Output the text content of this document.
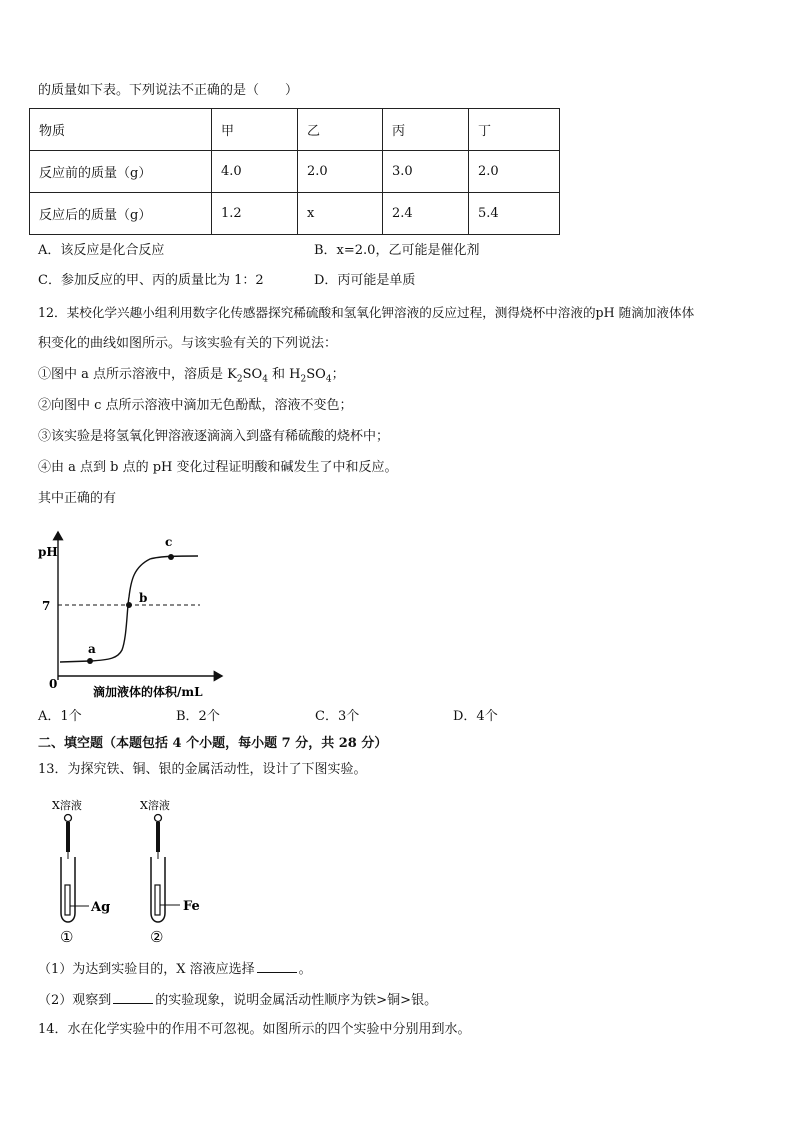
的质量如下表。下列说法不正确的是（　　）
物质	甲	乙	丙	丁
反应前的质量（g）	4.0	2.0	3.0	2.0
反应后的质量（g）	1.2	x	2.4	5.4
A．该反应是化合反应	B．x=2.0，乙可能是催化剂
C．参加反应的甲、丙的质量比为 1：2	D．丙可能是单质
12．某校化学兴趣小组利用数字化传感器探究稀硫酸和氢氧化钾溶液的反应过程，测得烧杯中溶液的pH 随滴加液体体
积变化的曲线如图所示。与该实验有关的下列说法：
①图中 a 点所示溶液中，溶质是 $K_2SO_4$ 和 $H_2SO_4$；
②向图中 c 点所示溶液中滴加无色酚酞，溶液不变色；
③该实验是将氢氧化钾溶液逐滴滴入到盛有稀硫酸的烧杯中；
④由 a 点到 b 点的 pH 变化过程证明酸和碱发生了中和反应。
其中正确的有
a
b
c
pH
7
0
滴加液体的体积/mL
A．1个	B．2个	C．3个	D．4个
二、填空题（本题包括 4 个小题，每小题 7 分，共 28 分）
13．为探究铁、铜、银的金属活动性，设计了下图实验。
X溶液
Ag
①
X溶液
Fe
②
（1）为达到实验目的，X 溶液应选择	。
（2）观察到	的实验现象，说明金属活动性顺序为铁>铜>银。
14．水在化学实验中的作用不可忽视。如图所示的四个实验中分别用到水。
